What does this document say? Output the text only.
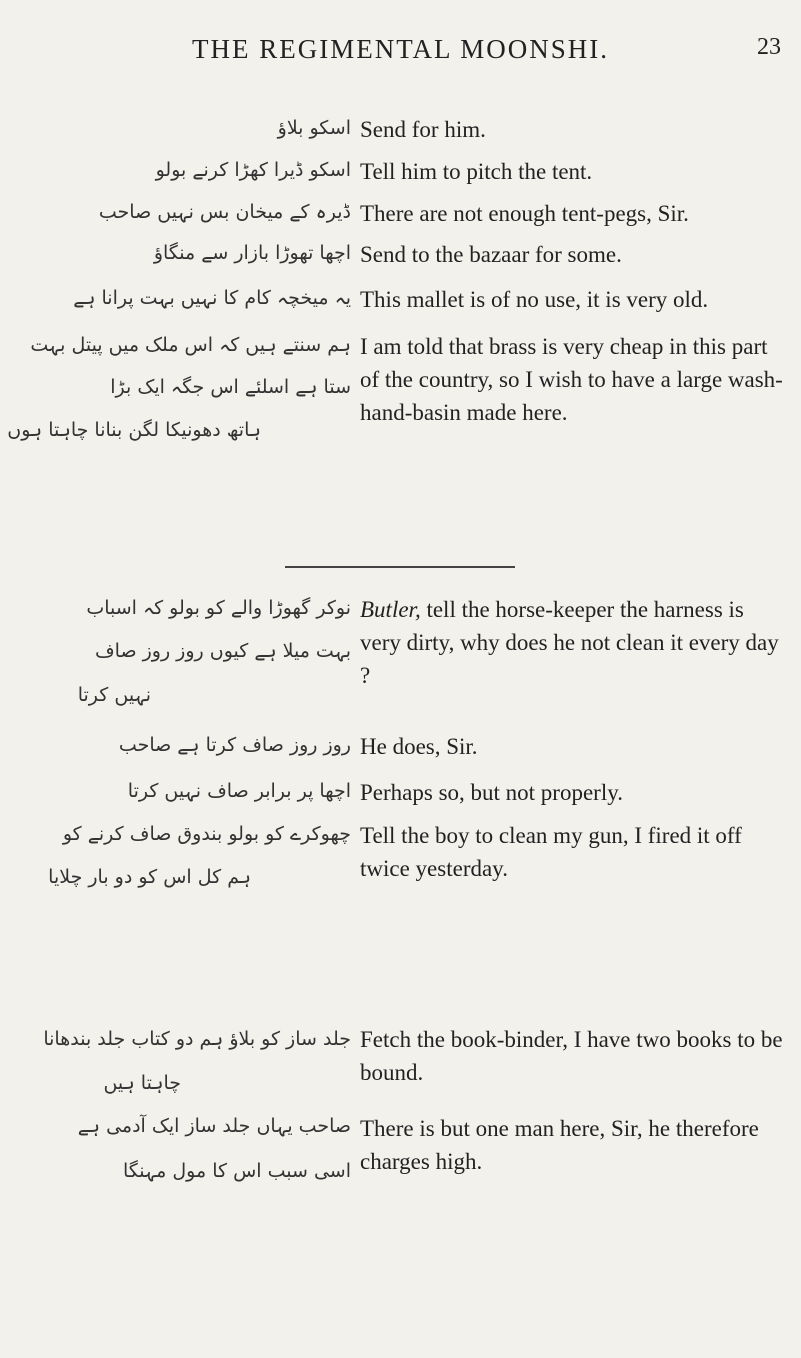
THE REGIMENTAL MOONSHI.	23
اسکو بلاؤ Send for him.
اسکو ڈیرا کھڑا کرنے بولو Tell him to pitch the tent.
ڈیرہ کے میخان بس نہیں صاحب There are not enough tent-pegs, Sir.
اچھا تھوڑا بازار سے منگاؤ Send to the bazaar for some.
یہ میخچہ کام کا نہیں بہت پرانا ہے This mallet is of no use, it is very old.
ہم سنتے ہیں کہ اس ملک میں پیتل بہت
ستا ہے اسلئے اس جگہ ایک بڑا
ہاتھ دھونیکا لگن بنانا چاہتا ہوں
I am told that brass is very cheap in this part of the country, so I wish to have a large wash-hand-basin made here.
نوکر گھوڑا والے کو بولو کہ اسباب
بہت میلا ہے کیوں روز روز صاف
نہیں کرتا
Butler, tell the horse-keeper the harness is very dirty, why does he not clean it every day ?
روز روز صاف کرتا ہے صاحب He does, Sir.
اچھا پر برابر صاف نہیں کرتا Perhaps so, but not properly.
چھوکرے کو بولو بندوق صاف کرنے کو
ہم کل اس کو دو بار چلایا
Tell the boy to clean my gun, I fired it off twice yesterday.
جلد ساز کو بلاؤ ہم دو کتاب جلد بندھانا
چاہتا ہیں
Fetch the book-binder, I have two books to be bound.
صاحب یہاں جلد ساز ایک آدمی ہے
اسی سبب اس کا مول مہنگا
There is but one man here, Sir, he therefore charges high.
